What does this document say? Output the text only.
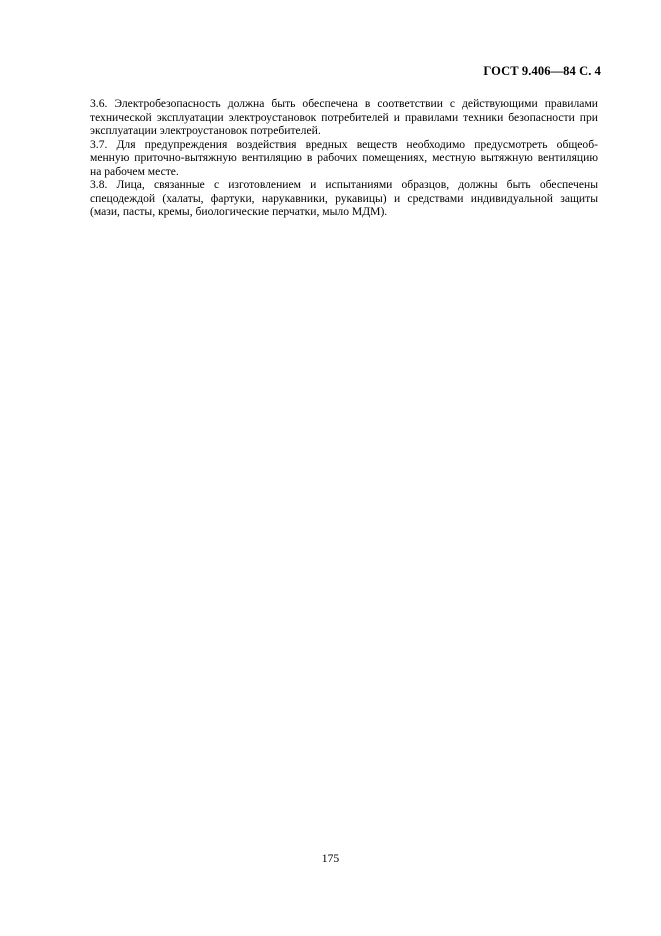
ГОСТ 9.406—84 С. 4

3.6. Электробезопасность должна быть обеспечена в соответствии с действующими правилами
технической эксплуатации электроустановок потребителей и правилами техники безопасности при
эксплуатации электроустановок потребителей.

3.7. Для предупреждения воздействия вредных веществ необходимо предусмотреть общеоб-
менную приточно-вытяжную вентиляцию в рабочих помещениях, местную вытяжную вентиляцию
на рабочем месте.

3.8. Лица, связанные с изготовлением и испытаниями образцов, должны быть обеспечены
спецодеждой (халаты, фартуки, нарукавники, рукавицы) и средствами индивидуальной защиты
(мази, пасты, кремы, биологические перчатки, мыло МДМ).

175
